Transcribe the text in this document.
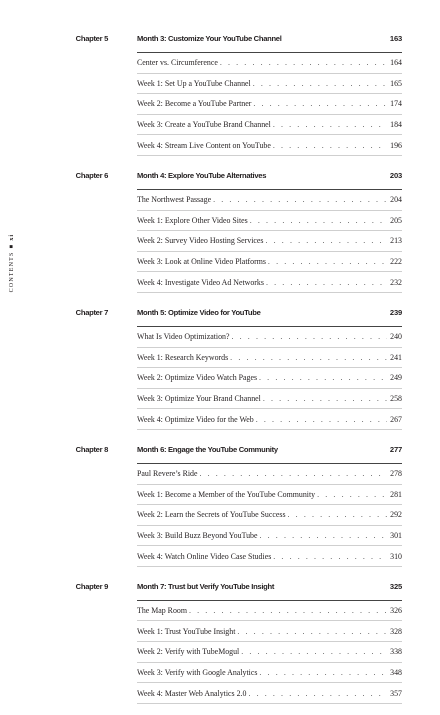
CONTENTS■xi
Chapter 5	Month 3: Customize Your YouTube Channel	163
Center vs. Circumference . . .	164
Week 1: Set Up a YouTube Channel . . .	165
Week 2: Become a YouTube Partner . . .	174
Week 3: Create a YouTube Brand Channel . . .	184
Week 4: Stream Live Content on YouTube . . .	196
Chapter 6	Month 4: Explore YouTube Alternatives	203
The Northwest Passage . . .	204
Week 1: Explore Other Video Sites . . .	205
Week 2: Survey Video Hosting Services . . .	213
Week 3: Look at Online Video Platforms . . .	222
Week 4: Investigate Video Ad Networks . . .	232
Chapter 7	Month 5: Optimize Video for YouTube	239
What Is Video Optimization? . . .	240
Week 1: Research Keywords . . .	241
Week 2: Optimize Video Watch Pages . . .	249
Week 3: Optimize Your Brand Channel . . .	258
Week 4: Optimize Video for the Web . . .	267
Chapter 8	Month 6: Engage the YouTube Community	277
Paul Revere’s Ride . . .	278
Week 1: Become a Member of the YouTube Community . . .	281
Week 2: Learn the Secrets of YouTube Success . . .	292
Week 3: Build Buzz Beyond YouTube . . .	301
Week 4: Watch Online Video Case Studies . . .	310
Chapter 9	Month 7: Trust but Verify YouTube Insight	325
The Map Room . . .	326
Week 1: Trust YouTube Insight . . .	328
Week 2: Verify with TubeMogul . . .	338
Week 3: Verify with Google Analytics . . .	348
Week 4: Master Web Analytics 2.0 . . .	357
